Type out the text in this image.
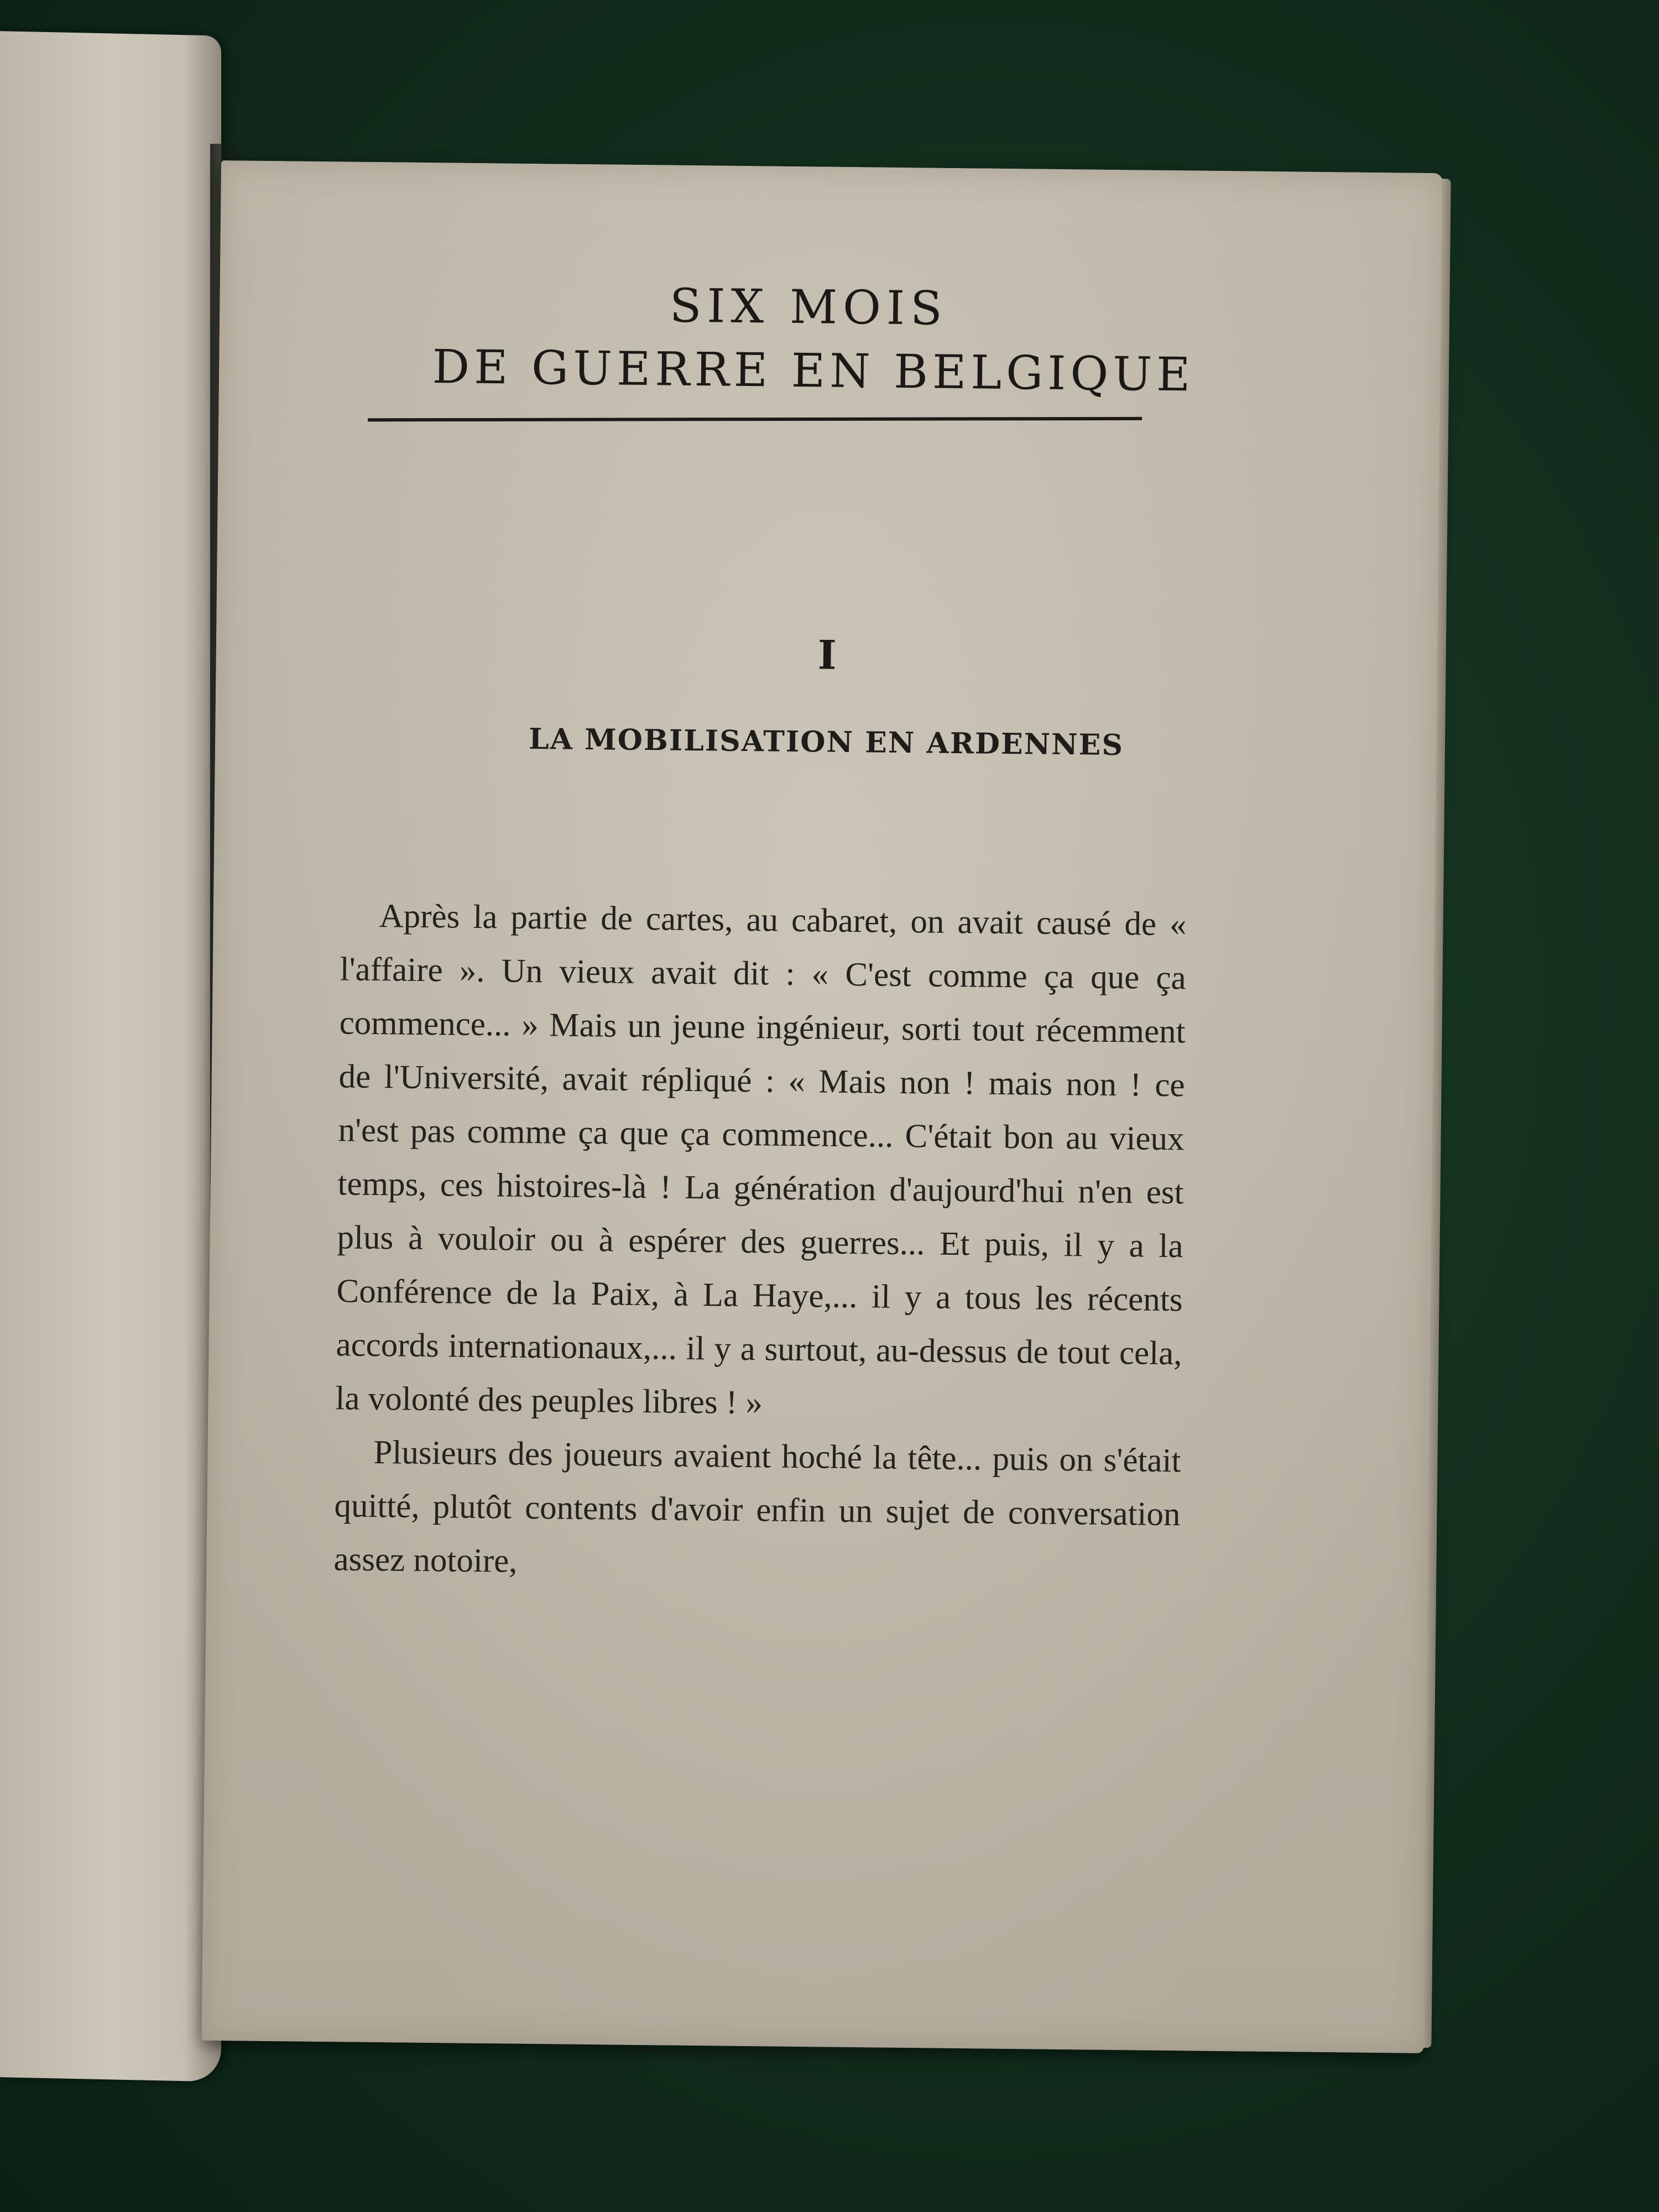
SIX MOIS
DE GUERRE EN BELGIQUE
I
LA MOBILISATION EN ARDENNES

Après la partie de cartes, au cabaret, on avait causé de « l'affaire ». Un vieux avait dit : « C'est comme ça que ça commence... » Mais un jeune ingénieur, sorti tout récemment de l'Université, avait répliqué : « Mais non ! mais non ! ce n'est pas comme ça que ça commence... C'était bon au vieux temps, ces histoires-là ! La génération d'aujourd'hui n'en est plus à vouloir ou à espérer des guerres... Et puis, il y a la Conférence de la Paix, à La Haye,... il y a tous les récents accords internationaux,... il y a surtout, au-dessus de tout cela, la volonté des peuples libres ! »

Plusieurs des joueurs avaient hoché la tête... puis on s'était quitté, plutôt contents d'avoir enfin un sujet de conversation assez notoire,
